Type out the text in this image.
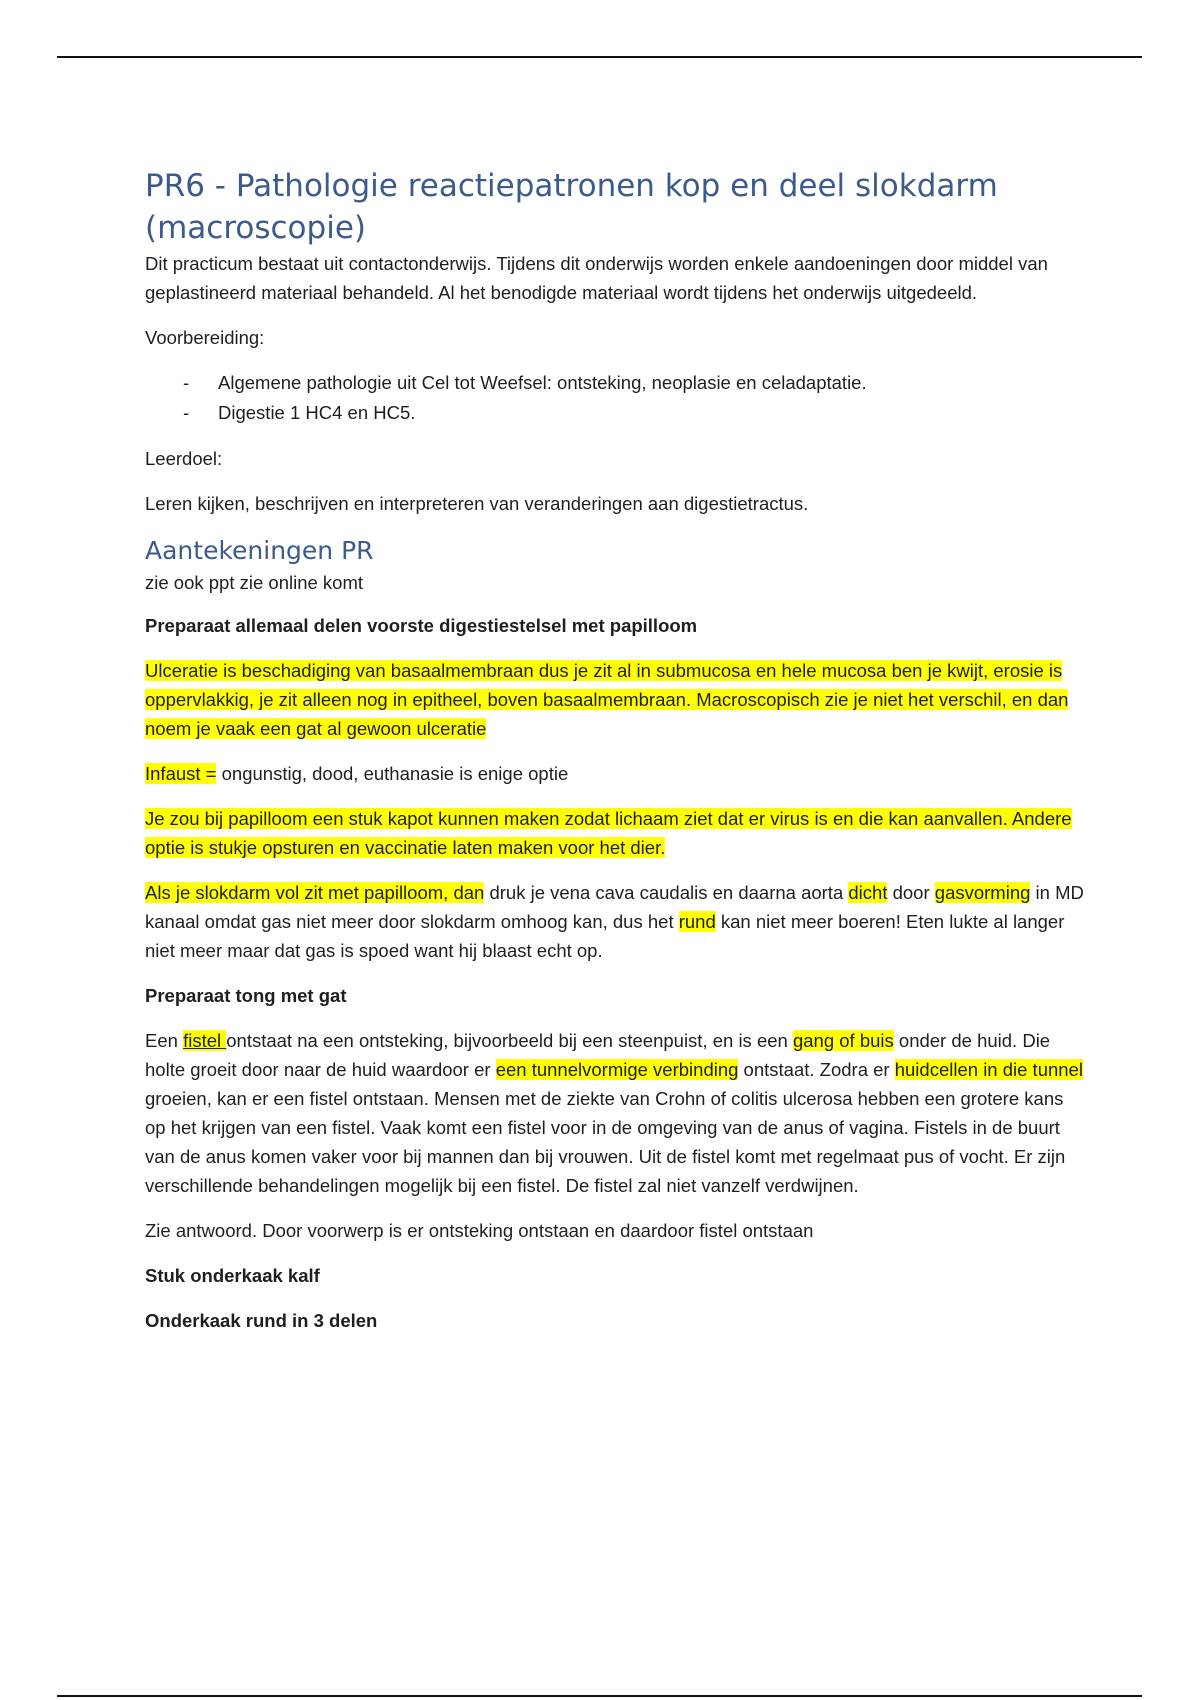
PR6 - Pathologie reactiepatronen kop en deel slokdarm (macroscopie)

Dit practicum bestaat uit contactonderwijs. Tijdens dit onderwijs worden enkele aandoeningen door middel van geplastineerd materiaal behandeld. Al het benodigde materiaal wordt tijdens het onderwijs uitgedeeld.

Voorbereiding:

- Algemene pathologie uit Cel tot Weefsel: ontsteking, neoplasie en celadaptatie.
- Digestie 1 HC4 en HC5.

Leerdoel:

Leren kijken, beschrijven en interpreteren van veranderingen aan digestietractus.

Aantekeningen PR

zie ook ppt zie online komt

Preparaat allemaal delen voorste digestiestelsel met papilloom

Ulceratie is beschadiging van basaalmembraan dus je zit al in submucosa en hele mucosa ben je kwijt, erosie is oppervlakkig, je zit alleen nog in epitheel, boven basaalmembraan. Macroscopisch zie je niet het verschil, en dan noem je vaak een gat al gewoon ulceratie

Infaust = ongunstig, dood, euthanasie is enige optie

Je zou bij papilloom een stuk kapot kunnen maken zodat lichaam ziet dat er virus is en die kan aanvallen. Andere optie is stukje opsturen en vaccinatie laten maken voor het dier.

Als je slokdarm vol zit met papilloom, dan druk je vena cava caudalis en daarna aorta dicht door gasvorming in MD kanaal omdat gas niet meer door slokdarm omhoog kan, dus het rund kan niet meer boeren! Eten lukte al langer niet meer maar dat gas is spoed want hij blaast echt op.

Preparaat tong met gat

Een fistel ontstaat na een ontsteking, bijvoorbeeld bij een steenpuist, en is een gang of buis onder de huid. Die holte groeit door naar de huid waardoor er een tunnelvormige verbinding ontstaat. Zodra er huidcellen in die tunnel groeien, kan er een fistel ontstaan. Mensen met de ziekte van Crohn of colitis ulcerosa hebben een grotere kans op het krijgen van een fistel. Vaak komt een fistel voor in de omgeving van de anus of vagina. Fistels in de buurt van de anus komen vaker voor bij mannen dan bij vrouwen. Uit de fistel komt met regelmaat pus of vocht. Er zijn verschillende behandelingen mogelijk bij een fistel. De fistel zal niet vanzelf verdwijnen.

Zie antwoord. Door voorwerp is er ontsteking ontstaan en daardoor fistel ontstaan

Stuk onderkaak kalf

Onderkaak rund in 3 delen
